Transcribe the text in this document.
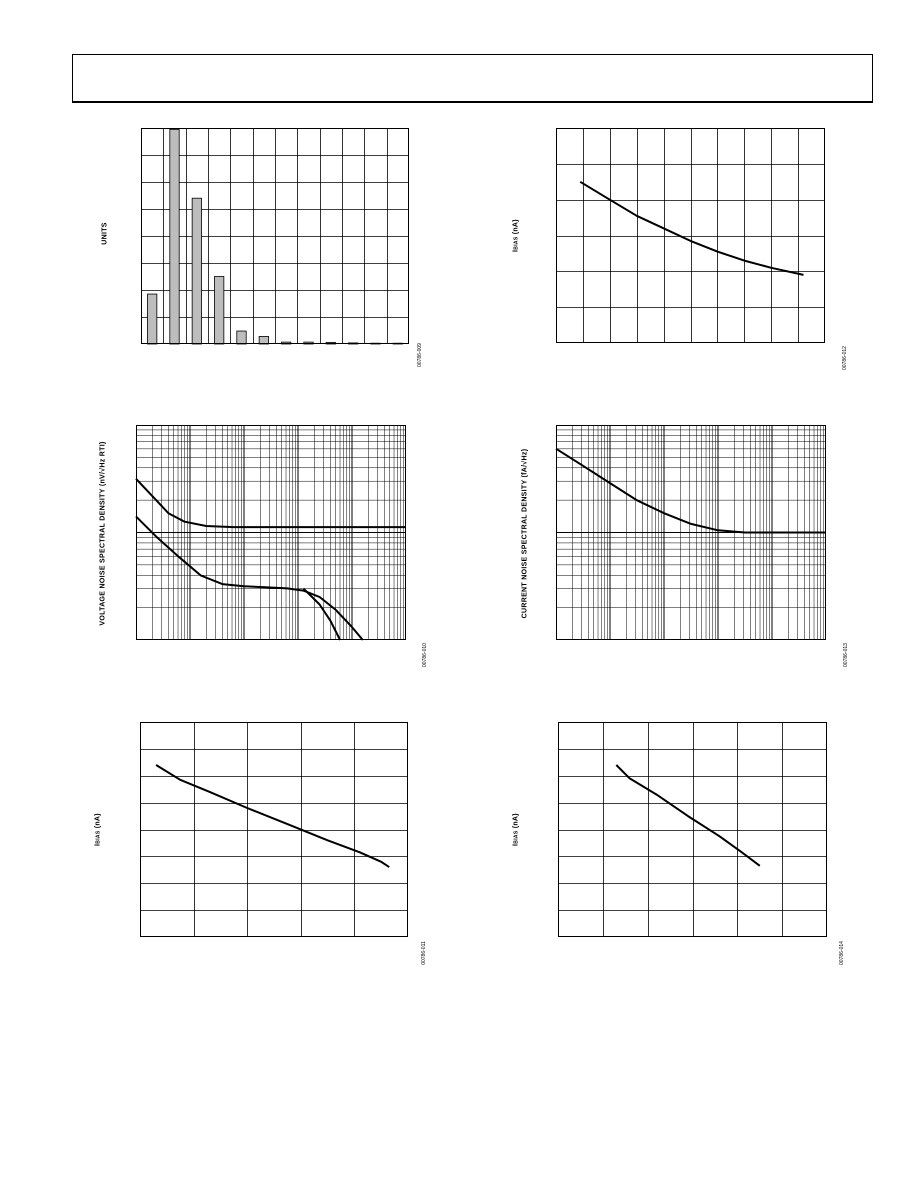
UNITS
00786-009
IBIAS (nA)
00786-012
VOLTAGE NOISE SPECTRAL DENSITY (nV/√Hz RTI)
00786-010
CURRENT NOISE SPECTRAL DENSITY (fA/√Hz)
00786-013
IBIAS (nA)
00786-011
IBIAS (nA)
00786-014
